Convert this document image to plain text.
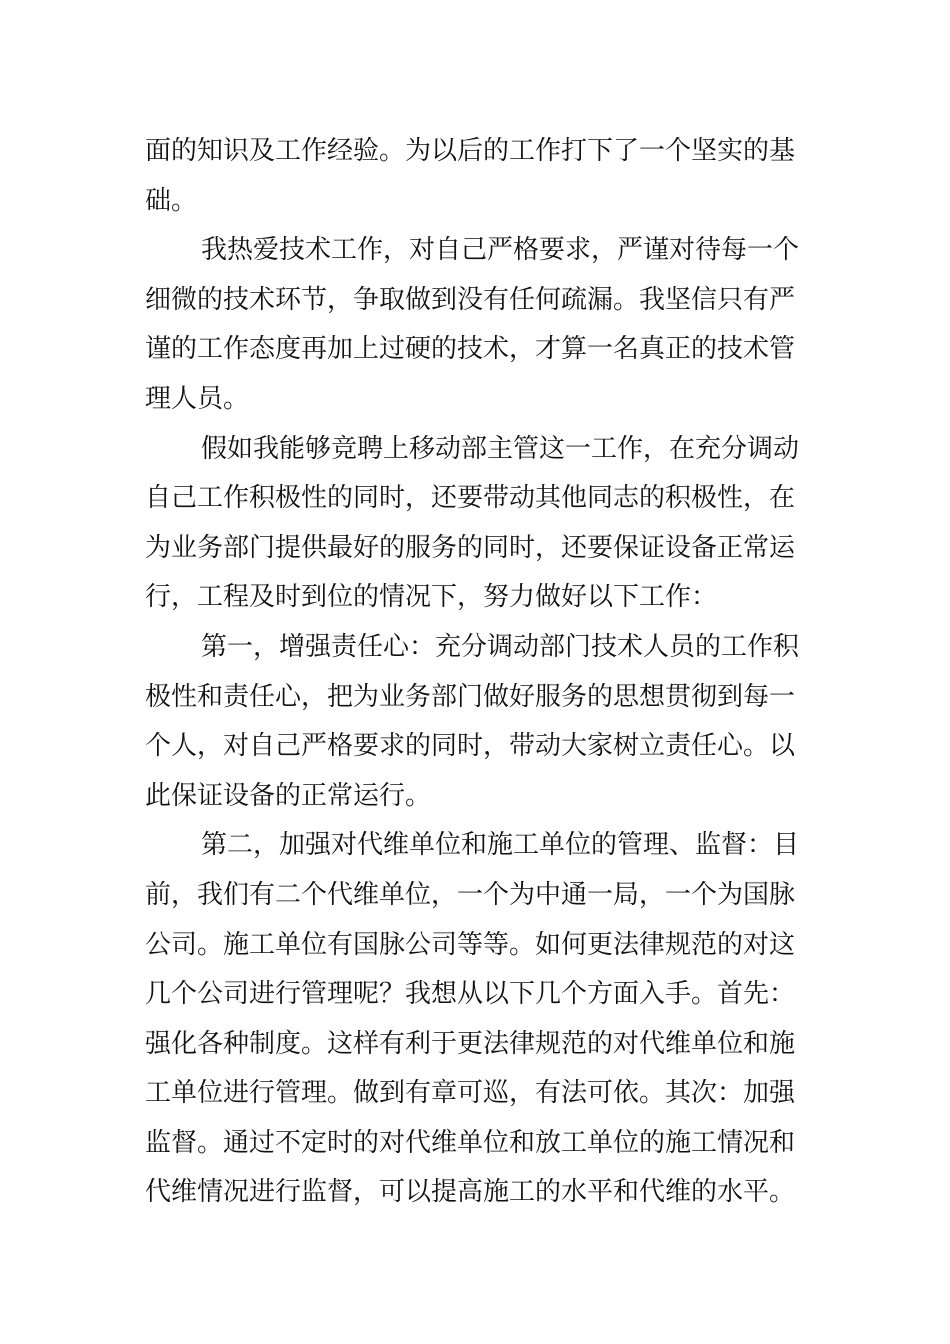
面的知识及工作经验。为以后的工作打下了一个坚实的基
础。
我热爱技术工作，对自己严格要求，严谨对待每一个
细微的技术环节，争取做到没有任何疏漏。我坚信只有严
谨的工作态度再加上过硬的技术，才算一名真正的技术管
理人员。
假如我能够竞聘上移动部主管这一工作，在充分调动
自己工作积极性的同时，还要带动其他同志的积极性，在
为业务部门提供最好的服务的同时，还要保证设备正常运
行，工程及时到位的情况下，努力做好以下工作：
第一，增强责任心：充分调动部门技术人员的工作积
极性和责任心，把为业务部门做好服务的思想贯彻到每一
个人，对自己严格要求的同时，带动大家树立责任心。以
此保证设备的正常运行。
第二，加强对代维单位和施工单位的管理、监督：目
前，我们有二个代维单位，一个为中通一局，一个为国脉
公司。施工单位有国脉公司等等。如何更法律规范的对这
几个公司进行管理呢？我想从以下几个方面入手。首先：
强化各种制度。这样有利于更法律规范的对代维单位和施
工单位进行管理。做到有章可巡，有法可依。其次：加强
监督。通过不定时的对代维单位和放工单位的施工情况和
代维情况进行监督，可以提高施工的水平和代维的水平。
